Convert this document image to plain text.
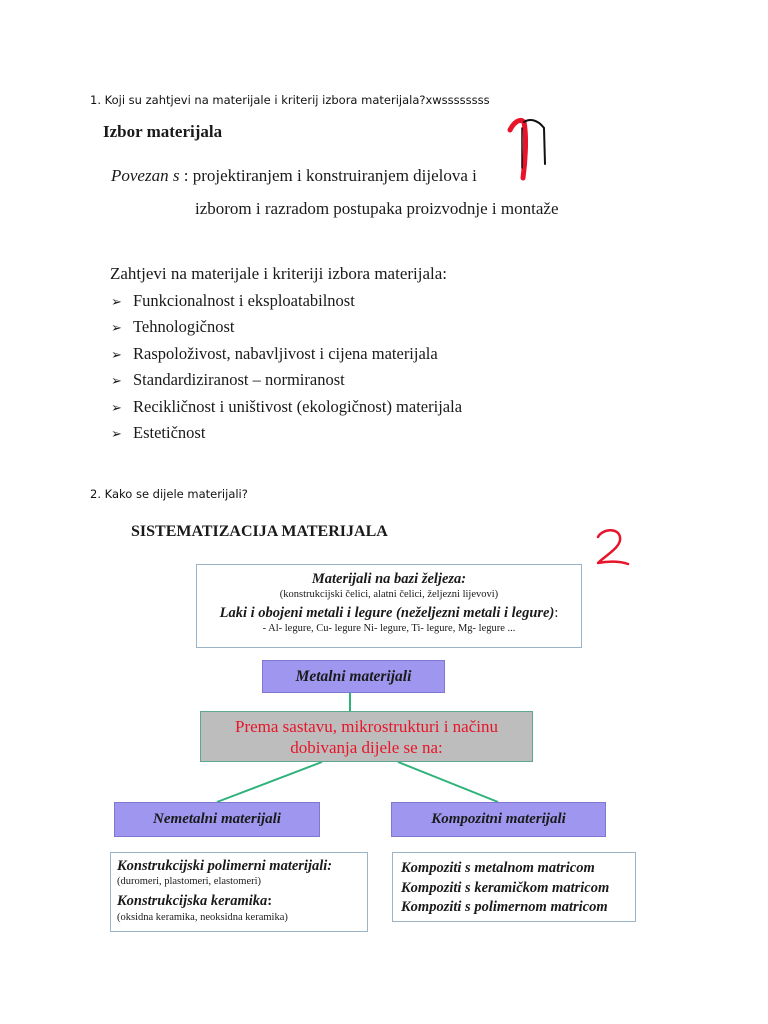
1. Koji su zahtjevi na materijale i kriterij izbora materijala?xwssssssss
Izbor materijala
Povezan s : projektiranjem i konstruiranjem dijelova i
izborom i razradom postupaka proizvodnje i montaže
Zahtjevi na materijale i kriteriji izbora materijala:
➢ Funkcionalnost i eksploatabilnost
➢ Tehnologičnost
➢ Raspoloživost, nabavljivost i cijena materijala
➢ Standardiziranost – normiranost
➢ Recikličnost i uništivost (ekologičnost) materijala
➢ Estetičnost
2. Kako se dijele materijali?
SISTEMATIZACIJA MATERIJALA
Materijali na bazi željeza:
(konstrukcijski čelici, alatni čelici, željezni lijevovi)
Laki i obojeni metali i legure (neželjezni metali i legure):
- Al- legure, Cu- legure Ni- legure, Ti- legure, Mg- legure ...
Metalni materijali
Prema sastavu, mikrostrukturi i načinu
dobivanja dijele se na:
Nemetalni materijali	Kompozitni materijali
Konstrukcijski polimerni materijali:
(duromeri, plastomeri, elastomeri)
Konstrukcijska keramika:
(oksidna keramika, neoksidna keramika)
Kompoziti s metalnom matricom
Kompoziti s keramičkom matricom
Kompoziti s polimernom matricom
